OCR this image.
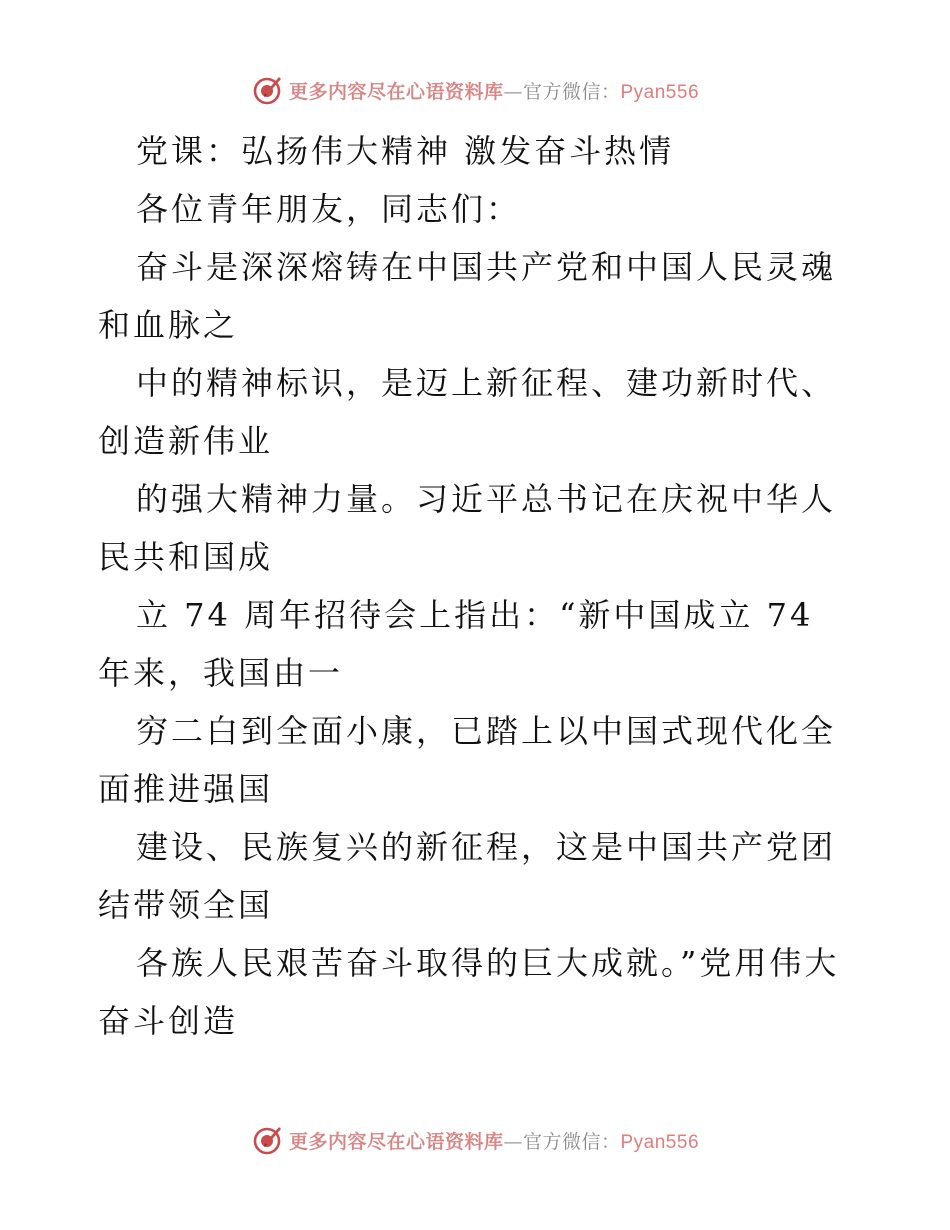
更多内容尽在心语资料库—官方微信：Pyan556

党课：弘扬伟大精神 激发奋斗热情

各位青年朋友，同志们：

奋斗是深深熔铸在中国共产党和中国人民灵魂和血脉之

中的精神标识，是迈上新征程、建功新时代、创造新伟业

的强大精神力量。习近平总书记在庆祝中华人民共和国成

立 74 周年招待会上指出：“新中国成立 74 年来，我国由一

穷二白到全面小康，已踏上以中国式现代化全面推进强国

建设、民族复兴的新征程，这是中国共产党团结带领全国

各族人民艰苦奋斗取得的巨大成就。”党用伟大奋斗创造

更多内容尽在心语资料库—官方微信：Pyan556
